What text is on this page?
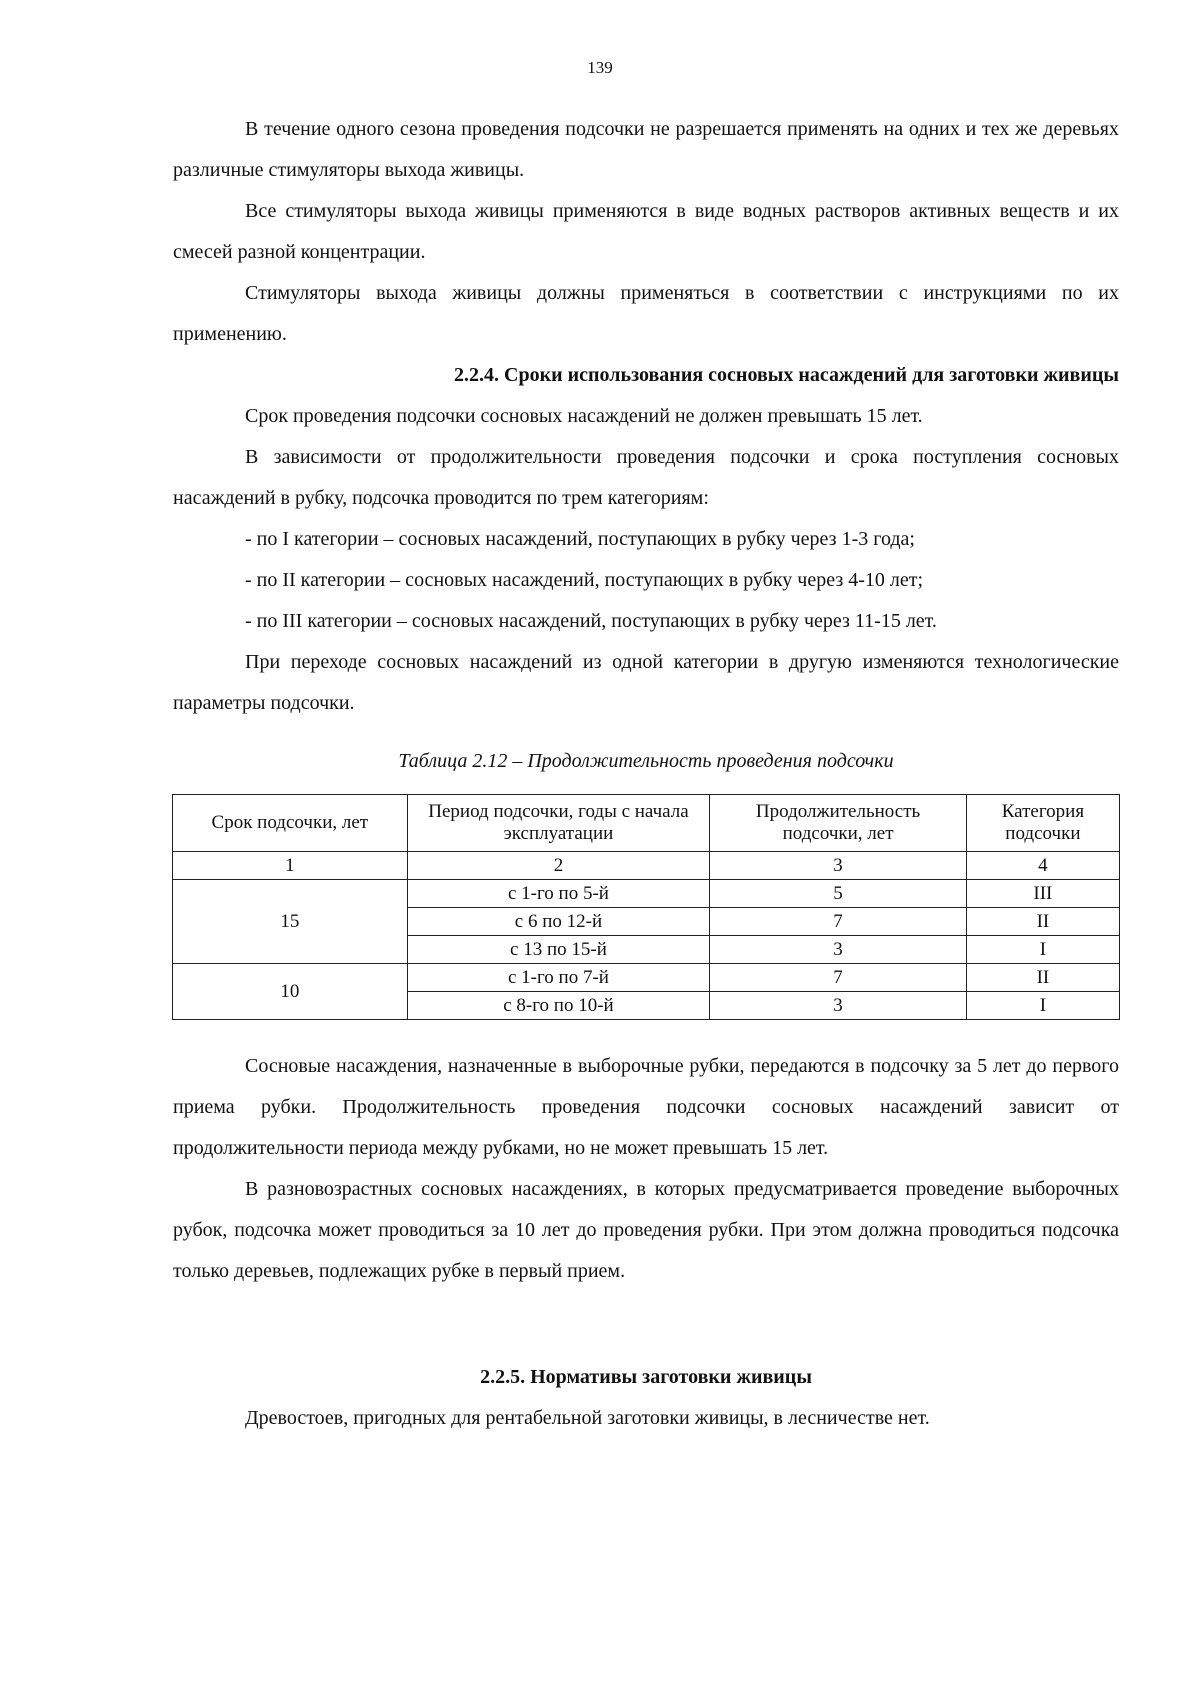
139

В течение одного сезона проведения подсочки не разрешается применять на одних и тех же деревьях различные стимуляторы выхода живицы.

Все стимуляторы выхода живицы применяются в виде водных растворов активных веществ и их смесей разной концентрации.

Стимуляторы выхода живицы должны применяться в соответствии с инструкциями по их применению.

2.2.4. Сроки использования сосновых насаждений для заготовки живицы

Срок проведения подсочки сосновых насаждений не должен превышать 15 лет.

В зависимости от продолжительности проведения подсочки и срока поступления сосновых насаждений в рубку, подсочка проводится по трем категориям:

- по I категории – сосновых насаждений, поступающих в рубку через 1-3 года;

- по II категории – сосновых насаждений, поступающих в рубку через 4-10 лет;

- по III категории – сосновых насаждений, поступающих в рубку через 11-15 лет.

При переходе сосновых насаждений из одной категории в другую изменяются технологические параметры подсочки.

Таблица 2.12 – Продолжительность проведения подсочки
Срок подсочки, лет	Период подсочки, годы с начала эксплуатации	Продолжительность подсочки, лет	Категория подсочки
1	2	3	4
15	с 1-го по 5-й	5	III
	с 6 по 12-й	7	II
	с 13 по 15-й	3	I
10	с 1-го по 7-й	7	II
	с 8-го по 10-й	3	I

Сосновые насаждения, назначенные в выборочные рубки, передаются в подсочку за 5 лет до первого приема рубки. Продолжительность проведения подсочки сосновых насаждений зависит от продолжительности периода между рубками, но не может превышать 15 лет.

В разновозрастных сосновых насаждениях, в которых предусматривается проведение выборочных рубок, подсочка может проводиться за 10 лет до проведения рубки. При этом должна проводиться подсочка только деревьев, подлежащих рубке в первый прием.

2.2.5. Нормативы заготовки живицы

Древостоев, пригодных для рентабельной заготовки живицы, в лесничестве нет.
